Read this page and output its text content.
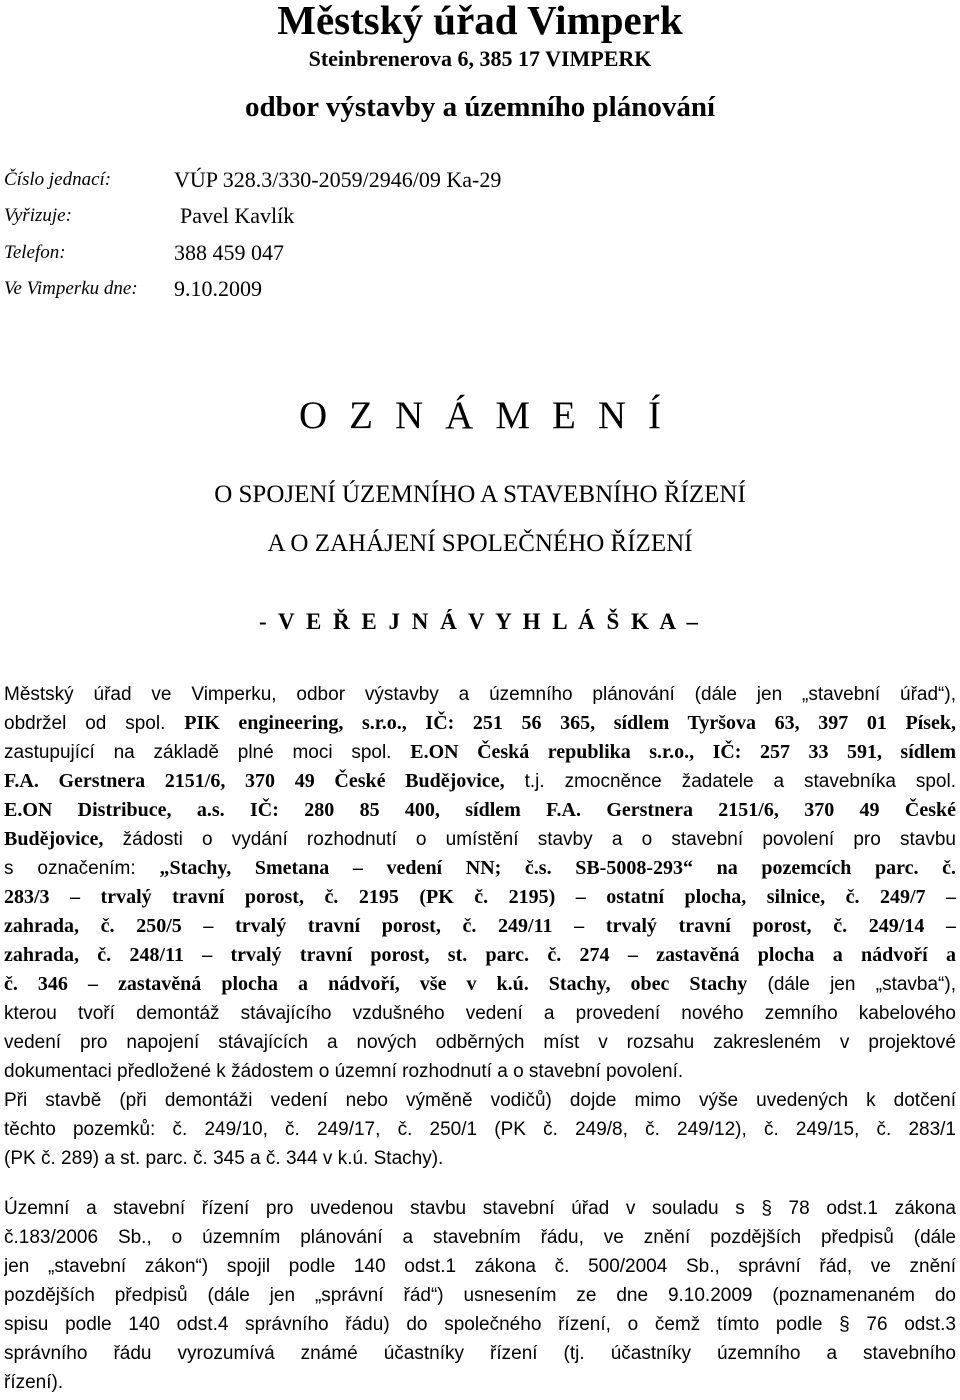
Městský úřad Vimperk
Steinbrenerova 6, 385 17 VIMPERK
odbor výstavby a územního plánování
Číslo jednací:	VÚP 328.3/330-2059/2946/09 Ka-29
Vyřizuje:	Pavel Kavlík
Telefon:	388 459 047
Ve Vimperku dne: 9.10.2009
OZNÁMENÍ
O SPOJENÍ ÚZEMNÍHO A STAVEBNÍHO ŘÍZENÍ
A O ZAHÁJENÍ SPOLEČNÉHO ŘÍZENÍ
- V E Ř E J N Á V Y H L Á Š K A –
Městský úřad ve Vimperku, odbor výstavby a územního plánování (dále jen „stavební úřad“),
obdržel od spol. PIK engineering, s.r.o., IČ: 251 56 365, sídlem Tyršova 63, 397 01 Písek,
zastupující na základě plné moci spol. E.ON Česká republika s.r.o., IČ: 257 33 591, sídlem
F.A. Gerstnera 2151/6, 370 49 České Budějovice, t.j. zmocněnce žadatele a stavebníka spol.
E.ON Distribuce, a.s. IČ: 280 85 400, sídlem F.A. Gerstnera 2151/6, 370 49 České
Budějovice, žádosti o vydání rozhodnutí o umístění stavby a o stavební povolení pro stavbu
s označením: „Stachy, Smetana – vedení NN; č.s. SB-5008-293“ na pozemcích parc. č.
283/3 – trvalý travní porost, č. 2195 (PK č. 2195) – ostatní plocha, silnice, č. 249/7 –
zahrada, č. 250/5 – trvalý travní porost, č. 249/11 – trvalý travní porost, č. 249/14 –
zahrada, č. 248/11 – trvalý travní porost, st. parc. č. 274 – zastavěná plocha a nádvoří a
č. 346 – zastavěná plocha a nádvoří, vše v k.ú. Stachy, obec Stachy (dále jen „stavba“),
kterou tvoří demontáž stávajícího vzdušného vedení a provedení nového zemního kabelového
vedení pro napojení stávajících a nových odběrných míst v rozsahu zakresleném v projektové
dokumentaci předložené k žádostem o územní rozhodnutí a o stavební povolení.
Při stavbě (při demontáži vedení nebo výměně vodičů) dojde mimo výše uvedených k dotčení
těchto pozemků: č. 249/10, č. 249/17, č. 250/1 (PK č. 249/8, č. 249/12), č. 249/15, č. 283/1
(PK č. 289) a st. parc. č. 345 a č. 344 v k.ú. Stachy).
Územní a stavební řízení pro uvedenou stavbu stavební úřad v souladu s § 78 odst.1 zákona
č.183/2006 Sb., o územním plánování a stavebním řádu, ve znění pozdějších předpisů (dále
jen „stavební zákon“) spojil podle 140 odst.1 zákona č. 500/2004 Sb., správní řád, ve znění
pozdějších předpisů (dále jen „správní řád“) usnesením ze dne 9.10.2009 (poznamenaném do
spisu podle 140 odst.4 správního řádu) do společného řízení, o čemž tímto podle § 76 odst.3
správního řádu vyrozumívá známé účastníky řízení (tj. účastníky územního a stavebního
řízení).
